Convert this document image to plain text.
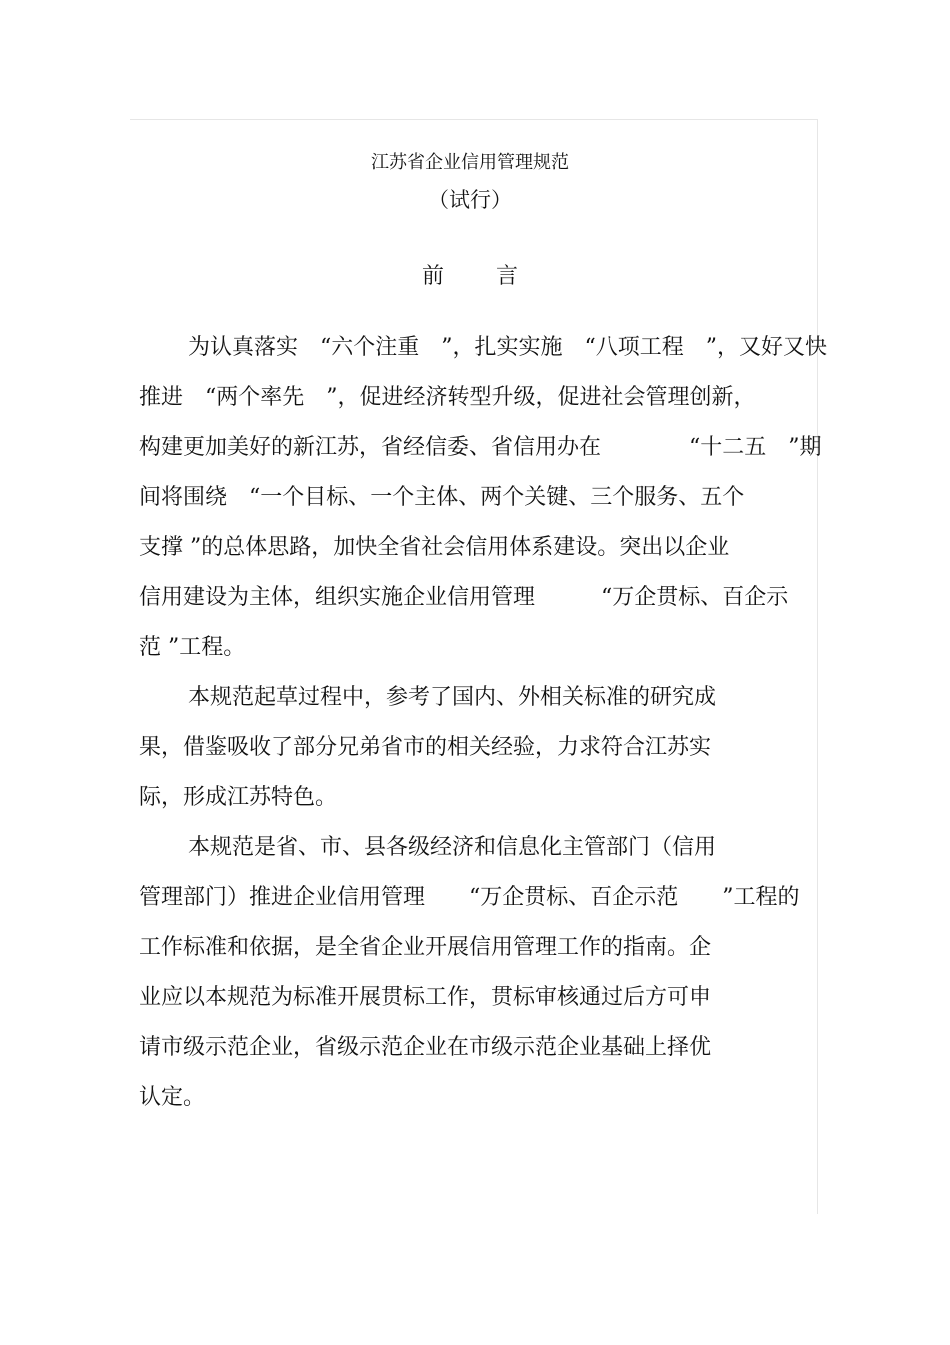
江苏省企业信用管理规范
（试行）
前 言
为认真落实　“六个注重　”，扎实实施　“八项工程　”，又好又快
推进　“两个率先　”，促进经济转型升级，促进社会管理创新，
构建更加美好的新江苏，省经信委、省信用办在　　　　“十二五　”期
间将围绕　“一个目标、一个主体、两个关键、三个服务、五个
支撑 ”的总体思路，加快全省社会信用体系建设。突出以企业
信用建设为主体，组织实施企业信用管理　　　“万企贯标、百企示
范 ”工程。
本规范起草过程中，参考了国内、外相关标准的研究成
果，借鉴吸收了部分兄弟省市的相关经验，力求符合江苏实
际，形成江苏特色。
本规范是省、市、县各级经济和信息化主管部门（信用
管理部门）推进企业信用管理　　“万企贯标、百企示范　　”工程的
工作标准和依据，是全省企业开展信用管理工作的指南。企
业应以本规范为标准开展贯标工作，贯标审核通过后方可申
请市级示范企业，省级示范企业在市级示范企业基础上择优
认定。
